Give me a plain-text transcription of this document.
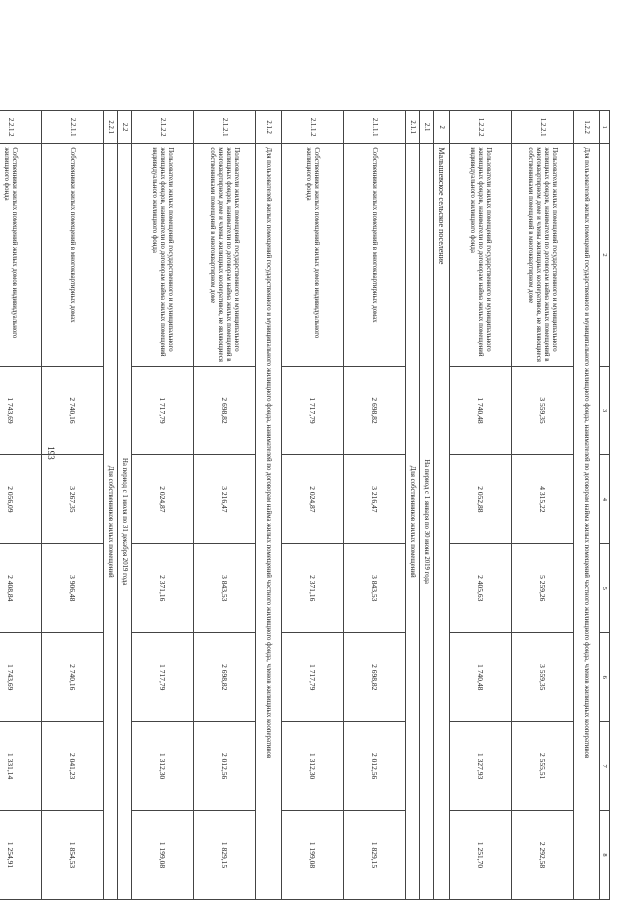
193
1	2	3	4	5	6	7	8
1.2.2	Для пользователей жилых помещений государственного и муниципального жилищного фонда, нанимателей по договорам найма жилых помещений частного жилищного фонда, членов жилищных кооперативов						
1.2.2.1	Пользователи жилых помещений государственного и муниципального жилищных фондов, наниматели по договорам найма жилых помещений в многоквартирном доме и члены жилищных кооперативов, не являющиеся собственниками помещений в многоквартирном доме	3 559,35	4 315,22	5 259,26	3 559,35	2 555,51	2 292,58
1.2.2.2	Пользователи жилых помещений государственного и муниципального жилищных фондов, наниматели по договорам найма жилых помещений индивидуального жилищного фонда	1 740,48	2 052,88	2 405,63	1 740,48	1 327,93	1 251,70
2	Малышевское сельское поселение						
2.1	На период с 1 января по 30 июня 2019 года						
2.1.1	Для собственников жилых помещений						
2.1.1.1	Собственники жилых помещений в многоквартирных домах	2 698,82	3 216,47	3 843,53	2 698,82	2 012,56	1 829,15
2.1.1.2	Собственники жилых помещений жилых домов индивидуального жилищного фонда	1 717,79	2 024,87	2 371,16	1 717,79	1 312,30	1 199,08
2.1.2	Для пользователей жилых помещений государственного и муниципального жилищного фонда, нанимателей по договорам найма жилых помещений частного жилищного фонда, членов жилищных кооперативов						
2.1.2.1	Пользователи жилых помещений государственного и муниципального жилищных фондов, наниматели по договорам найма жилых помещений в многоквартирном доме и члены жилищных кооперативов, не являющиеся собственниками помещений в многоквартирном доме	2 698,82	3 216,47	3 843,53	2 698,82	2 012,56	1 829,15
2.1.2.2	Пользователи жилых помещений государственного и муниципального жилищных фондов, наниматели по договорам найма жилых помещений индивидуального жилищного фонда	1 717,79	2 024,87	2 371,16	1 717,79	1 312,30	1 199,08
2.2	На период с 1 июля по 31 декабря 2019 года						
2.2.1	Для собственников жилых помещений						
2.2.1.1	Собственники жилых помещений в многоквартирных домах	2 740,16	3 267,35	3 906,48	2 740,16	2 041,23	1 854,53
2.2.1.2	Собственники жилых помещений жилых домов индивидуального жилищного фонда	1 743,69	2 056,09	2 408,84	1 743,69	1 331,14	1 254,91
